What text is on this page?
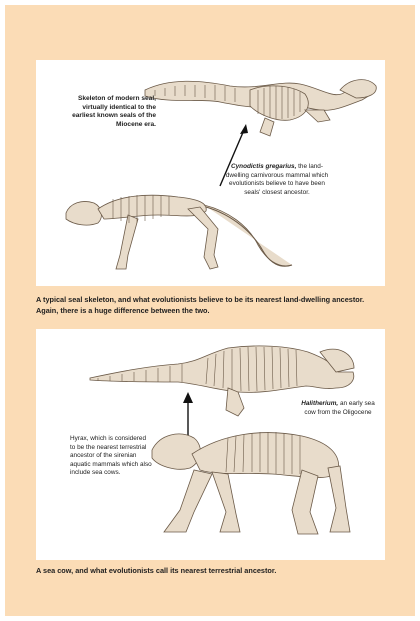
Skeleton of modern seal, virtually identical to the earliest known seals of the Miocene era.
Cynodictis gregarius, the land-dwelling carnivorous mammal which evolutionists believe to have been seals' closest ancestor.
A typical seal skeleton, and what evolutionists believe to be its nearest land-dwelling ancestor. Again, there is a huge difference between the two.
Halitherium, an early sea cow from the Oligocene
Hyrax, which is considered to be the nearest terrestrial ancestor of the sirenian aquatic mammals which also include sea cows.
A sea cow, and what evolutionists call its nearest terrestrial ancestor.
